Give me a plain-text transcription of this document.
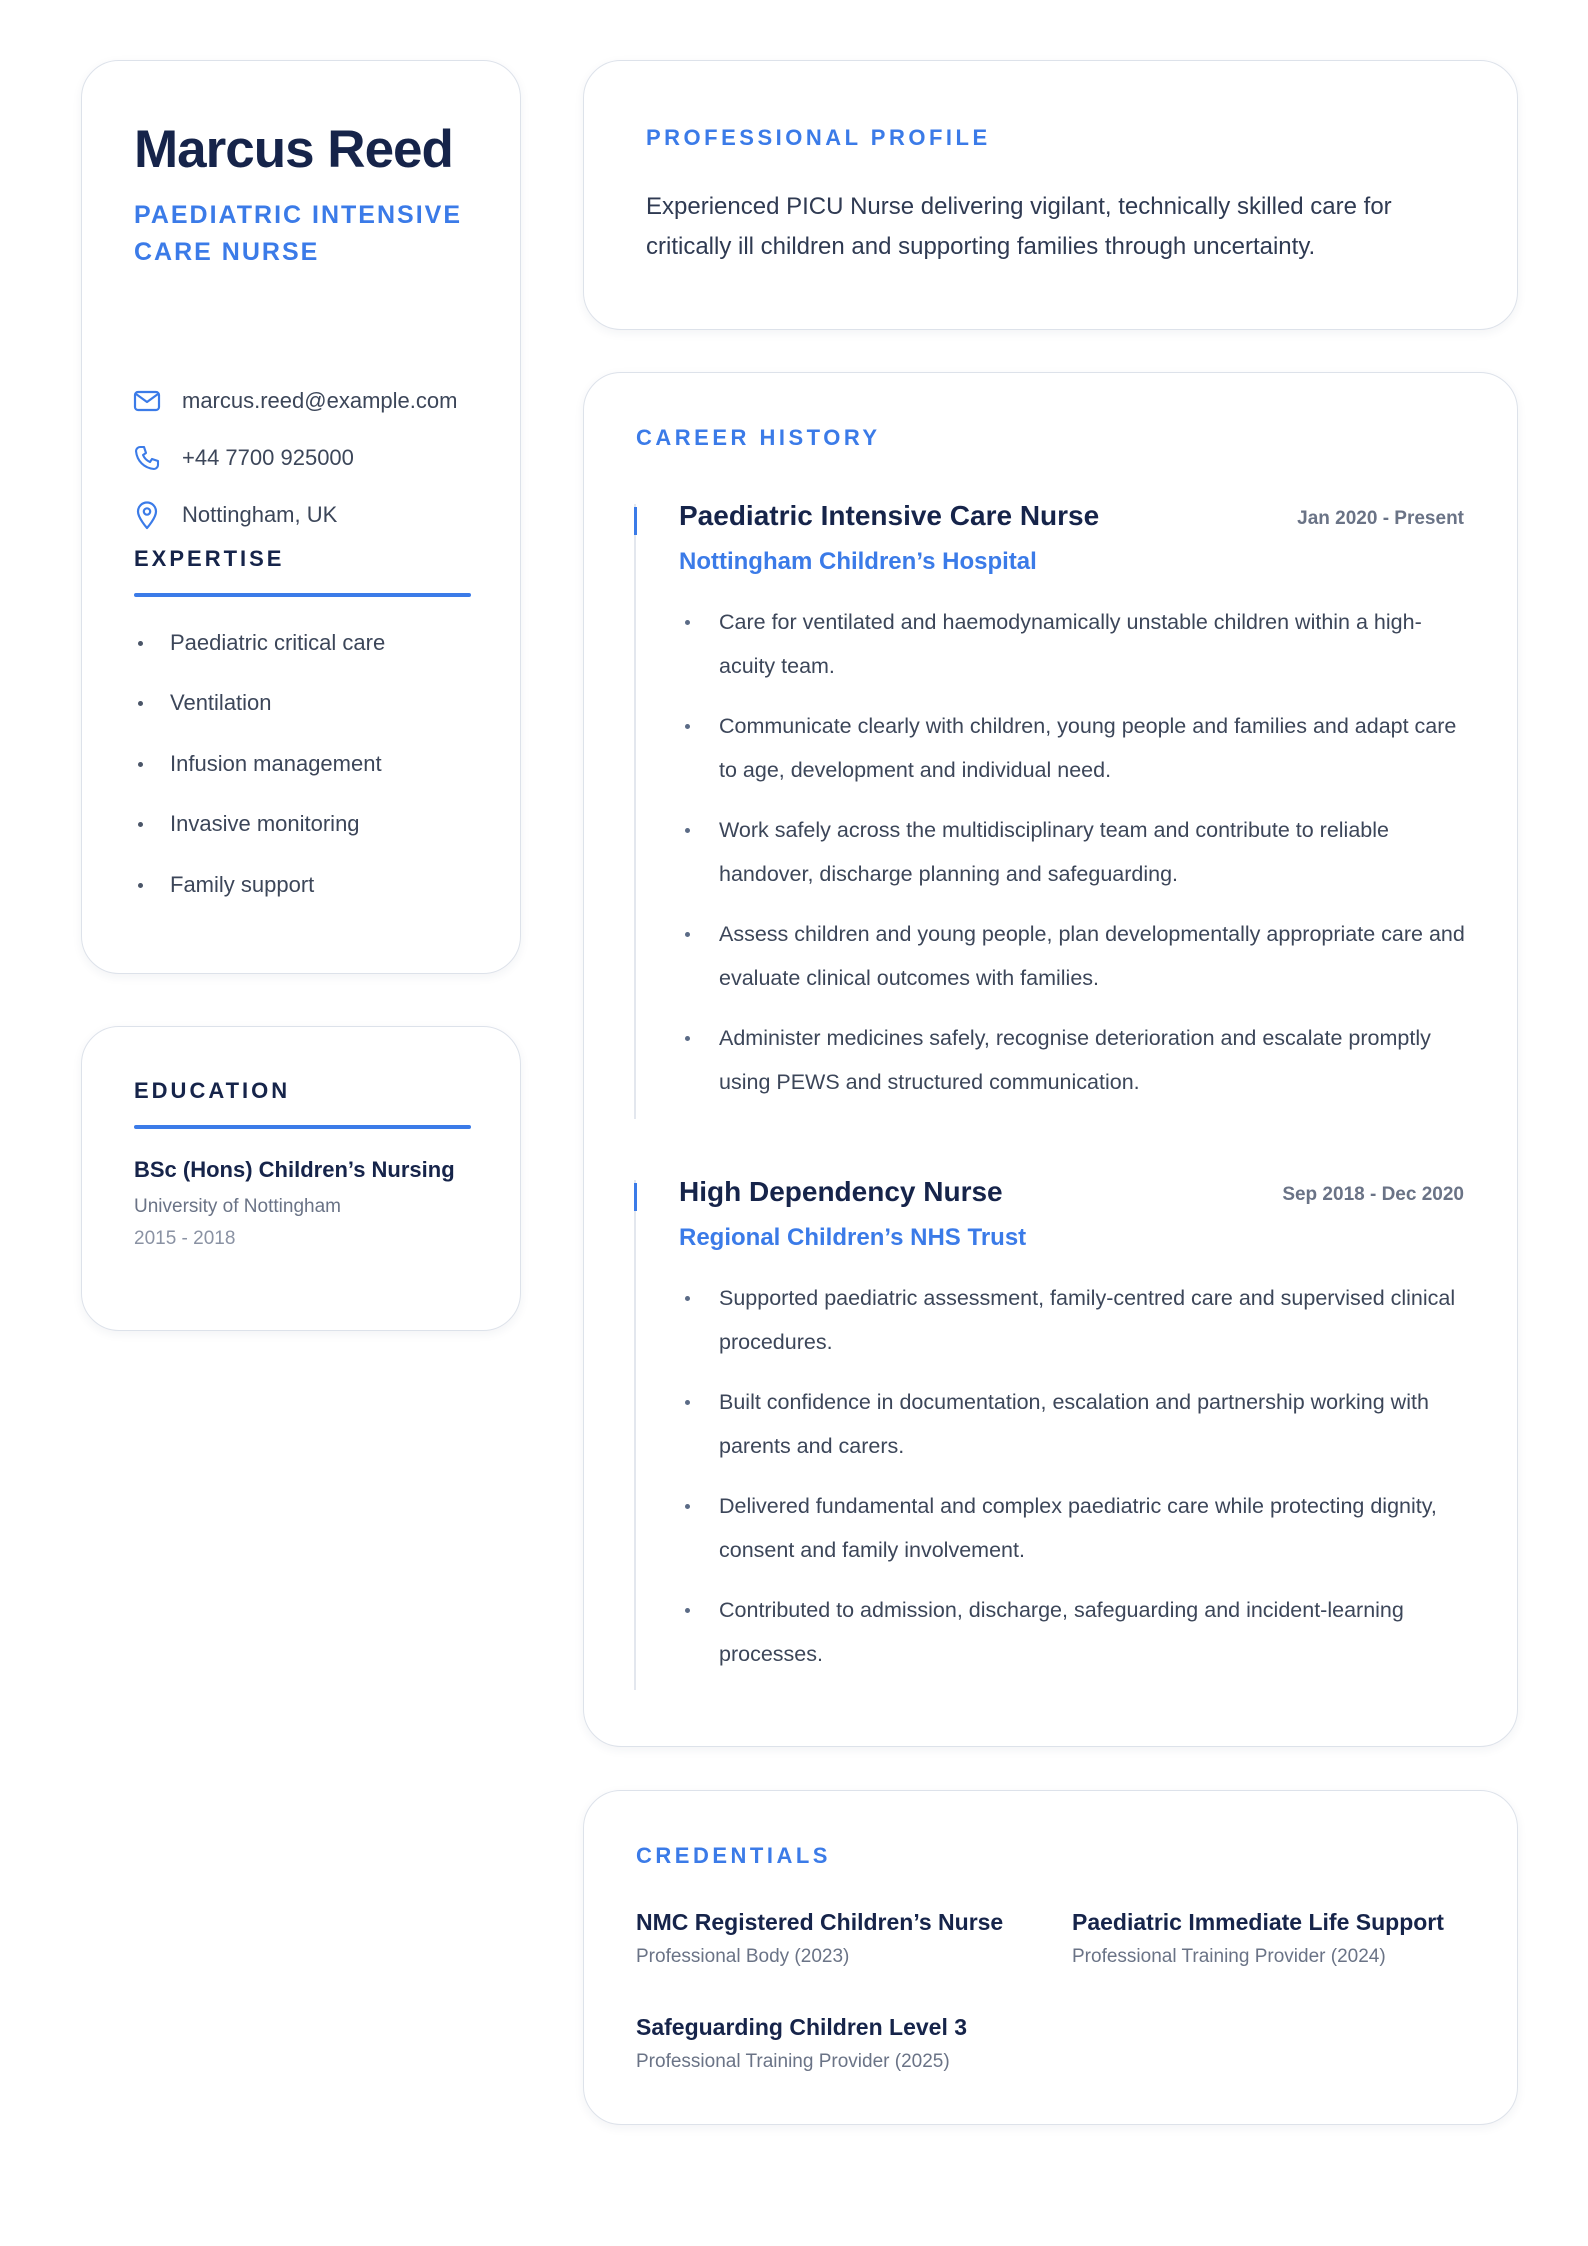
Marcus Reed
PAEDIATRIC INTENSIVE CARE NURSE
marcus.reed@example.com
+44 7700 925000
Nottingham, UK
EXPERTISE
Paediatric critical care
Ventilation
Infusion management
Invasive monitoring
Family support
EDUCATION
BSc (Hons) Children’s Nursing
University of Nottingham
2015 - 2018
PROFESSIONAL PROFILE
Experienced PICU Nurse delivering vigilant, technically skilled care for critically ill children and supporting families through uncertainty.
CAREER HISTORY
Paediatric Intensive Care Nurse	Jan 2020 - Present
Nottingham Children’s Hospital
Care for ventilated and haemodynamically unstable children within a high-acuity team.
Communicate clearly with children, young people and families and adapt care to age, development and individual need.
Work safely across the multidisciplinary team and contribute to reliable handover, discharge planning and safeguarding.
Assess children and young people, plan developmentally appropriate care and evaluate clinical outcomes with families.
Administer medicines safely, recognise deterioration and escalate promptly using PEWS and structured communication.
High Dependency Nurse	Sep 2018 - Dec 2020
Regional Children’s NHS Trust
Supported paediatric assessment, family-centred care and supervised clinical procedures.
Built confidence in documentation, escalation and partnership working with parents and carers.
Delivered fundamental and complex paediatric care while protecting dignity, consent and family involvement.
Contributed to admission, discharge, safeguarding and incident-learning processes.
CREDENTIALS
NMC Registered Children’s Nurse
Professional Body (2023)
Paediatric Immediate Life Support
Professional Training Provider (2024)
Safeguarding Children Level 3
Professional Training Provider (2025)
